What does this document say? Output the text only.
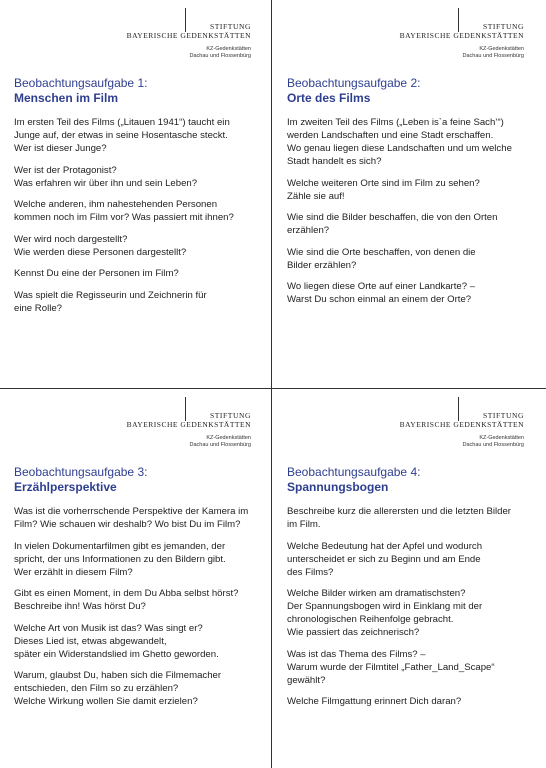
STIFTUNG
BAYERISCHE GEDENKSTÄTTEN
KZ-Gedenkstätten
Dachau und Flossenbürg
Beobachtungsaufgabe 1:
Menschen im Film
Im ersten Teil des Films („Litauen 1941“) taucht ein
Junge auf, der etwas in seine Hosentasche steckt.
Wer ist dieser Junge?
Wer ist der Protagonist?
Was erfahren wir über ihn und sein Leben?
Welche anderen, ihm nahestehenden Personen
kommen noch im Film vor? Was passiert mit ihnen?
Wer wird noch dargestellt?
Wie werden diese Personen dargestellt?
Kennst Du eine der Personen im Film?
Was spielt die Regisseurin und Zeichnerin für
eine Rolle?
STIFTUNG
BAYERISCHE GEDENKSTÄTTEN
KZ-Gedenkstätten
Dachau und Flossenbürg
Beobachtungsaufgabe 2:
Orte des Films
Im zweiten Teil des Films („Leben is`a feine Sach’“)
werden Landschaften und eine Stadt erschaffen.
Wo genau liegen diese Landschaften und um welche
Stadt handelt es sich?
Welche weiteren Orte sind im Film zu sehen?
Zähle sie auf!
Wie sind die Bilder beschaffen, die von den Orten
erzählen?
Wie sind die Orte beschaffen, von denen die
Bilder erzählen?
Wo liegen diese Orte auf einer Landkarte? –
Warst Du schon einmal an einem der Orte?
STIFTUNG
BAYERISCHE GEDENKSTÄTTEN
KZ-Gedenkstätten
Dachau und Flossenbürg
Beobachtungsaufgabe 3:
Erzählperspektive
Was ist die vorherrschende Perspektive der Kamera im
Film? Wie schauen wir deshalb? Wo bist Du im Film?
In vielen Dokumentarfilmen gibt es jemanden, der
spricht, der uns Informationen zu den Bildern gibt.
Wer erzählt in diesem Film?
Gibt es einen Moment, in dem Du Abba selbst hörst?
Beschreibe ihn! Was hörst Du?
Welche Art von Musik ist das? Was singt er?
Dieses Lied ist, etwas abgewandelt,
später ein Widerstandslied im Ghetto geworden.
Warum, glaubst Du, haben sich die Filmemacher
entschieden, den Film so zu erzählen?
Welche Wirkung wollen Sie damit erzielen?
STIFTUNG
BAYERISCHE GEDENKSTÄTTEN
KZ-Gedenkstätten
Dachau und Flossenbürg
Beobachtungsaufgabe 4:
Spannungsbogen
Beschreibe kurz die allerersten und die letzten Bilder
im Film.
Welche Bedeutung hat der Apfel und wodurch
unterscheidet er sich zu Beginn und am Ende
des Films?
Welche Bilder wirken am dramatischsten?
Der Spannungsbogen wird in Einklang mit der
chronologischen Reihenfolge gebracht.
Wie passiert das zeichnerisch?
Was ist das Thema des Films? –
Warum wurde der Filmtitel „Father_Land_Scape“
gewählt?
Welche Filmgattung erinnert Dich daran?
